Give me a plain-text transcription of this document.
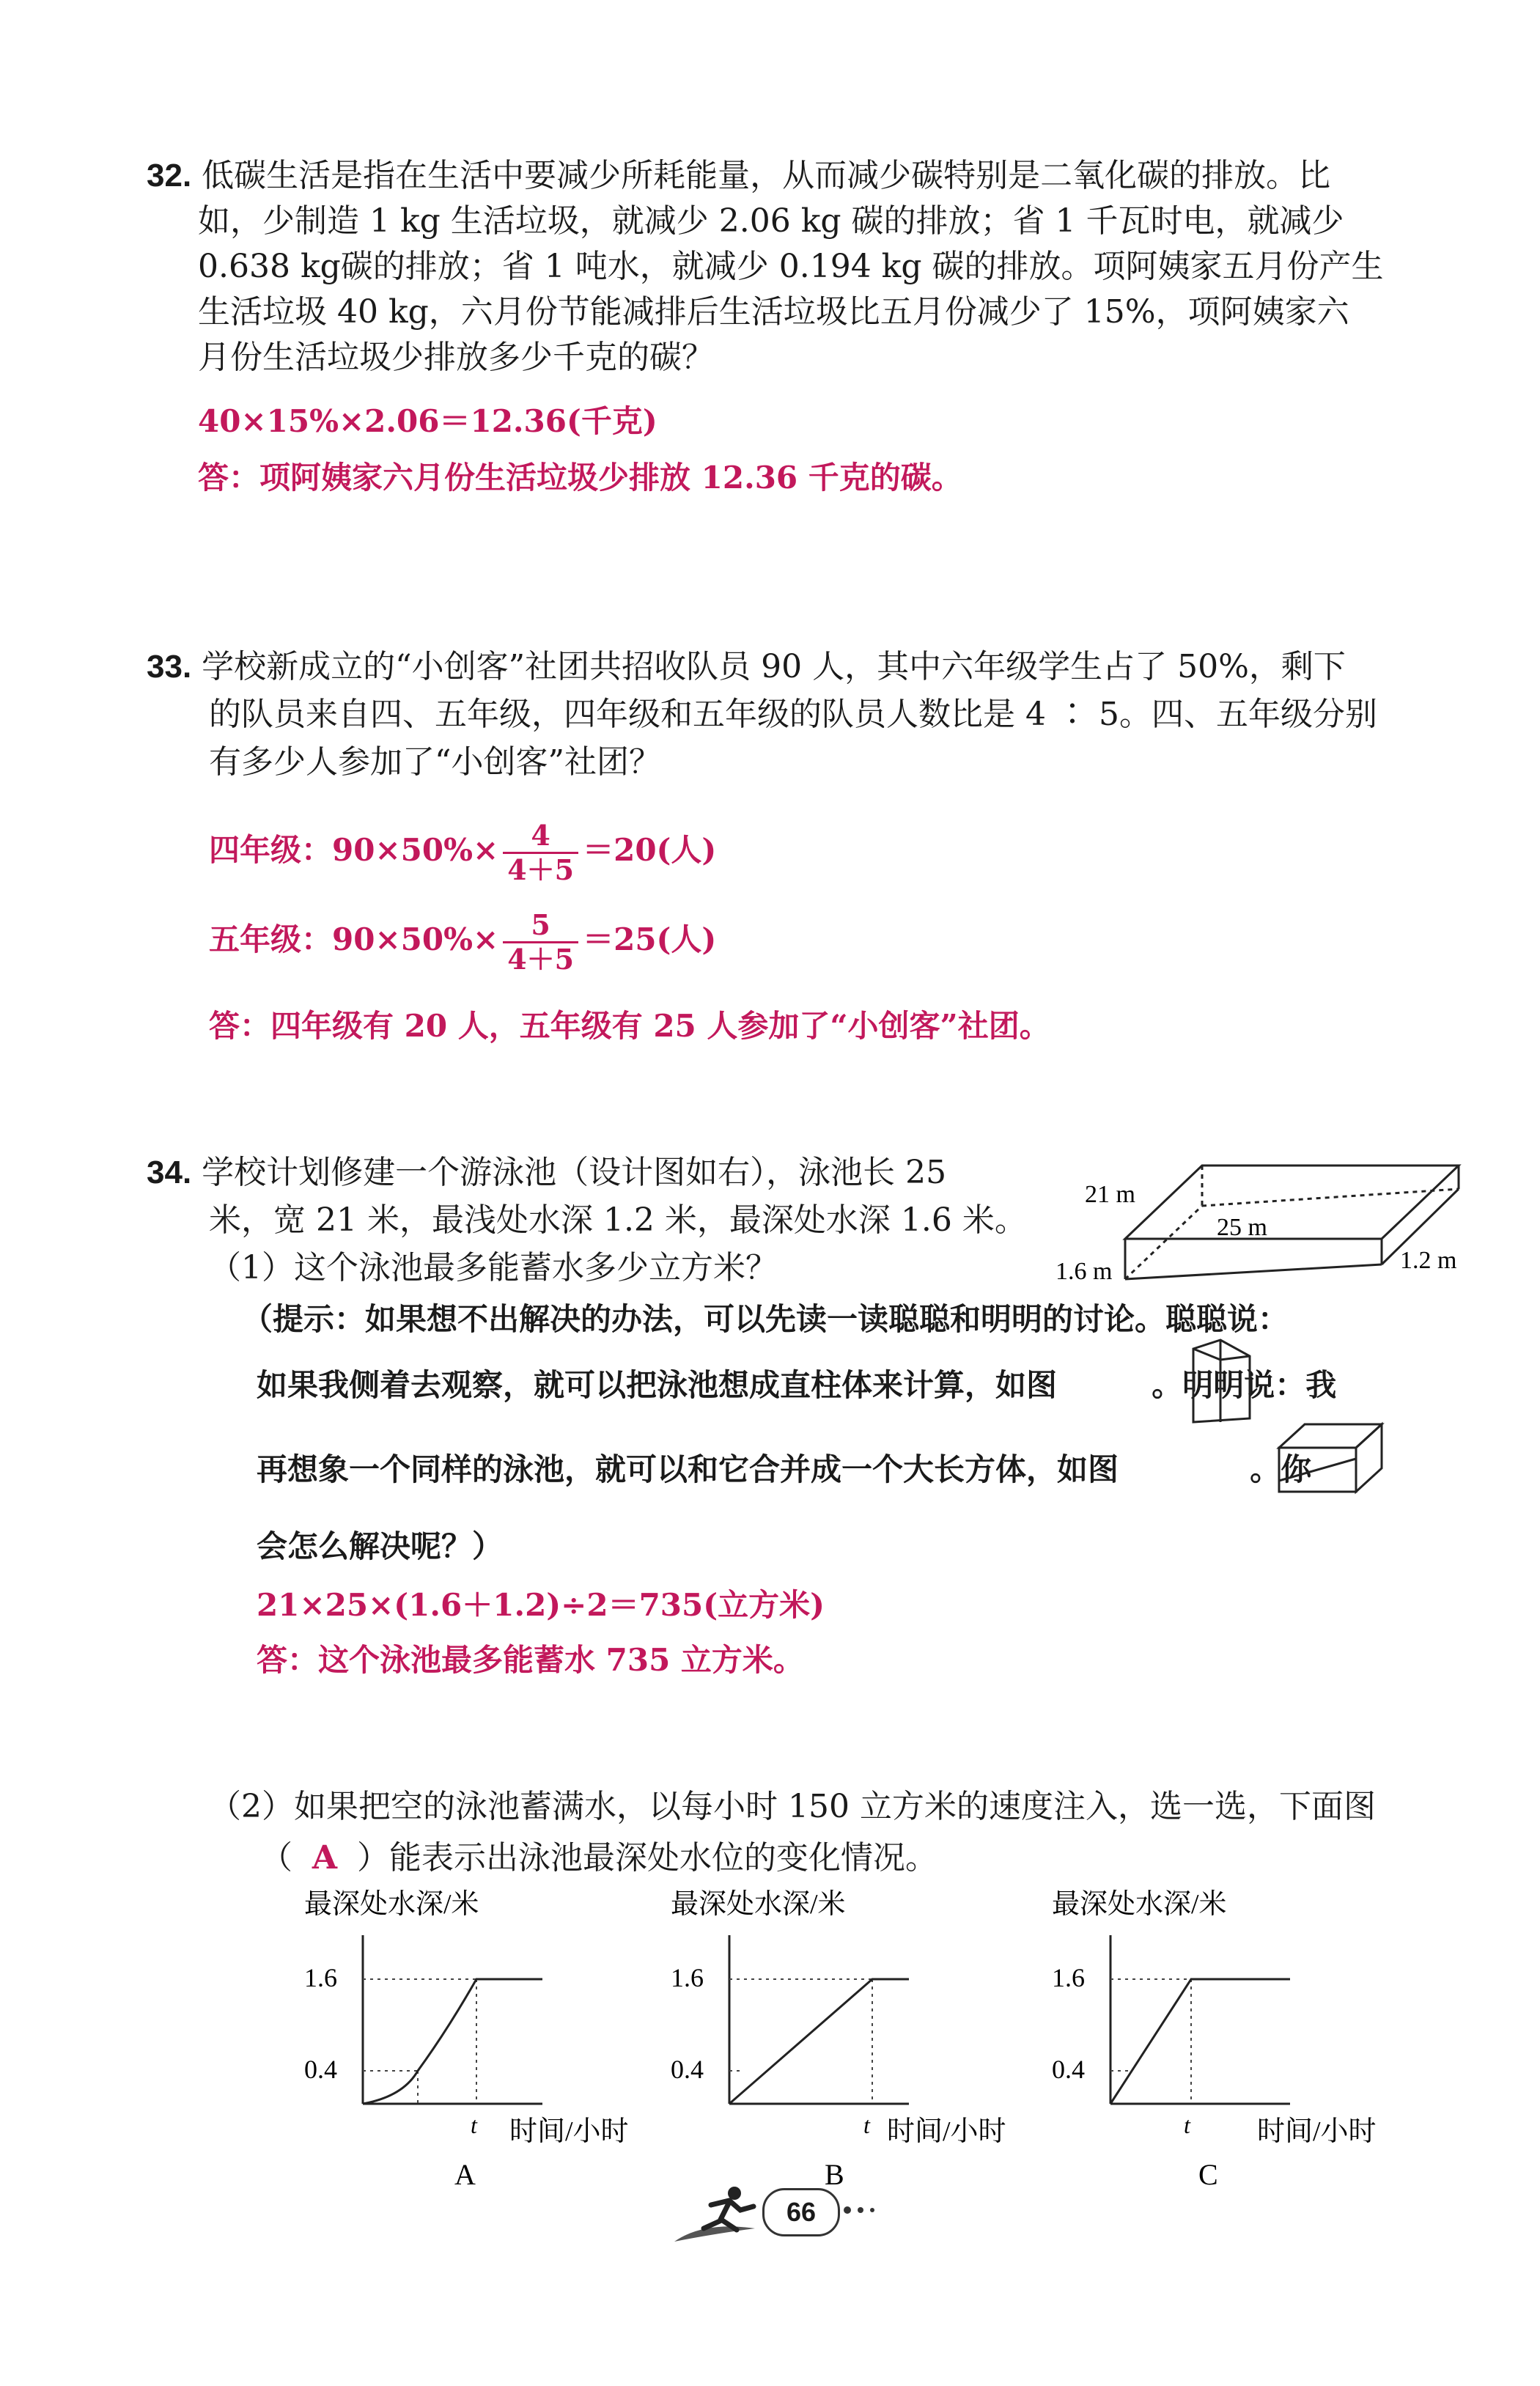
32. 低碳生活是指在生活中要减少所耗能量，从而减少碳特别是二氧化碳的排放。比
如，少制造 1 kg 生活垃圾，就减少 2.06 kg 碳的排放；省 1 千瓦时电，就减少
0.638 kg碳的排放；省 1 吨水，就减少 0.194 kg 碳的排放。项阿姨家五月份产生
生活垃圾 40 kg，六月份节能减排后生活垃圾比五月份减少了 15%，项阿姨家六
月份生活垃圾少排放多少千克的碳？
40×15%×2.06＝12.36(千克)
答：项阿姨家六月份生活垃圾少排放 12.36 千克的碳。
33. 学校新成立的“小创客”社团共招收队员 90 人，其中六年级学生占了 50%，剩下
的队员来自四、五年级，四年级和五年级的队员人数比是 4 ∶ 5。四、五年级分别
有多少人参加了“小创客”社团？
四年级：$90\times 50\%\times \frac{4}{4+5} =20$(人)
五年级：$90\times 50\%\times \frac{5}{4+5} =25$(人)
答：四年级有 20 人，五年级有 25 人参加了“小创客”社团。
34. 学校计划修建一个游泳池（设计图如右），泳池长 25
米，宽 21 米，最浅处水深 1.2 米，最深处水深 1.6 米。
21 m
25 m
1.6 m	1.2 m
（1）这个泳池最多能蓄水多少立方米？
（提示：如果想不出解决的办法，可以先读一读聪聪和明明的讨论。聪聪说：
如果我侧着去观察，就可以把泳池想成直柱体来计算，如图	。明明说：我
再想象一个同样的泳池，就可以和它合并成一个大长方体，如图	。你
会怎么解决呢？）
21×25×(1.6＋1.2)÷2＝735(立方米)
答：这个泳池最多能蓄水 735 立方米。
（2）如果把空的泳池蓄满水，以每小时 150 立方米的速度注入，选一选，下面图
（ A ）能表示出泳池最深处水位的变化情况。
最深处水深/米
1.6
0.4
t 时间/小时
A
最深处水深/米
1.6
0.4
t 时间/小时
B
最深处水深/米
1.6
0.4
t 时间/小时
C
66
